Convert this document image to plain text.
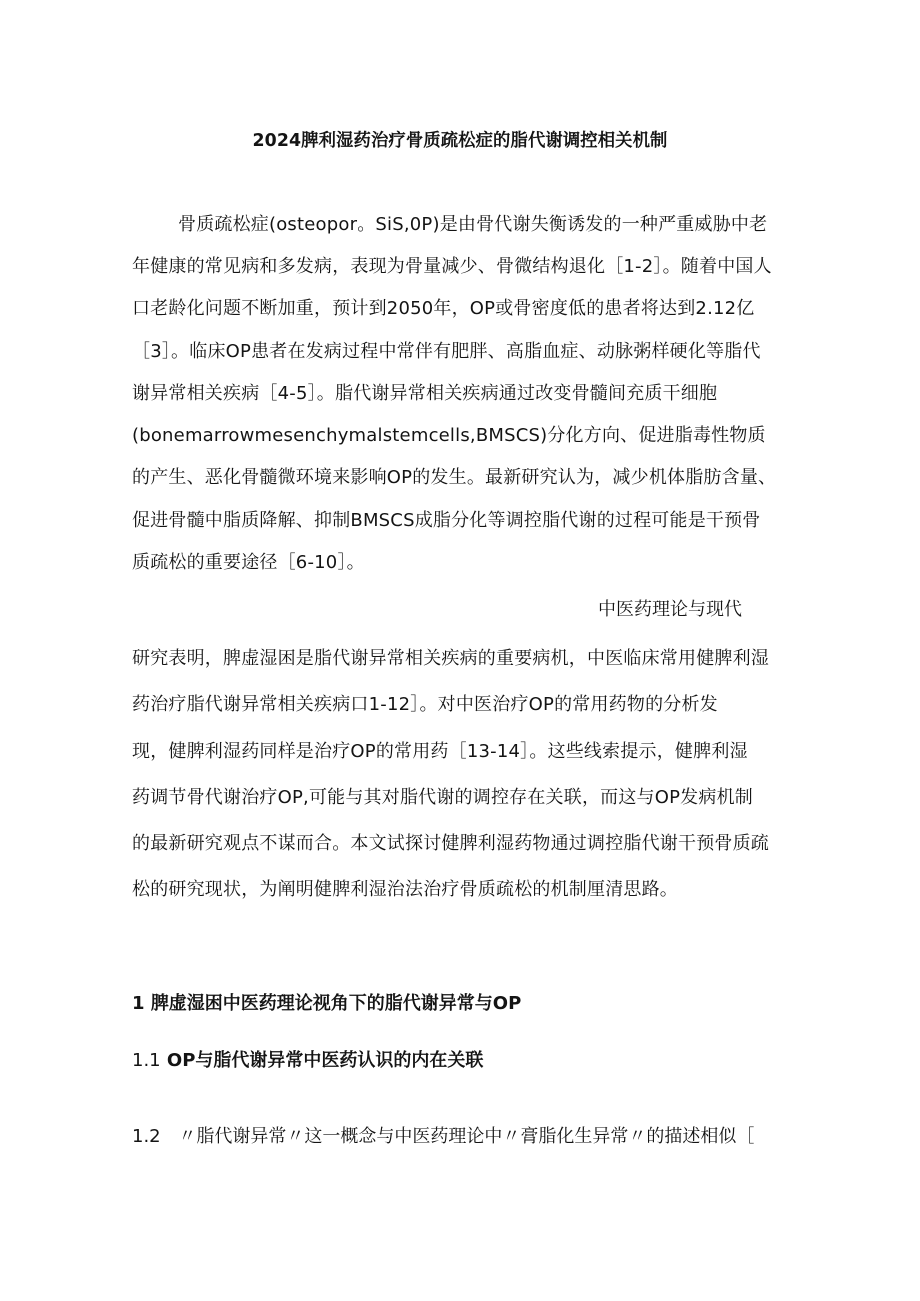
2024脾利湿药治疗骨质疏松症的脂代谢调控相关机制
骨质疏松症(osteopor。SiS,0P)是由骨代谢失衡诱发的一种严重威胁中老
年健康的常见病和多发病，表现为骨量减少、骨微结构退化［1-2］。随着中国人
口老龄化问题不断加重，预计到2050年，OP或骨密度低的患者将达到2.12亿
［3］。临床OP患者在发病过程中常伴有肥胖、高脂血症、动脉粥样硬化等脂代
谢异常相关疾病［4-5］。脂代谢异常相关疾病通过改变骨髓间充质干细胞
(bonemarrowmesenchymalstemcells,BMSCS)分化方向、促进脂毒性物质
的产生、恶化骨髓微环境来影响OP的发生。最新研究认为，减少机体脂肪含量、
促进骨髓中脂质降解、抑制BMSCS成脂分化等调控脂代谢的过程可能是干预骨
质疏松的重要途径［6-10］。
中医药理论与现代
研究表明，脾虚湿困是脂代谢异常相关疾病的重要病机，中医临床常用健脾利湿
药治疗脂代谢异常相关疾病口1-12］。对中医治疗OP的常用药物的分析发
现，健脾利湿药同样是治疗OP的常用药［13-14］。这些线索提示，健脾利湿
药调节骨代谢治疗OP,可能与其对脂代谢的调控存在关联，而这与OP发病机制
的最新研究观点不谋而合。本文试探讨健脾利湿药物通过调控脂代谢干预骨质疏
松的研究现状，为阐明健脾利湿治法治疗骨质疏松的机制厘清思路。
1 脾虚湿困中医药理论视角下的脂代谢异常与OP
1.1 OP与脂代谢异常中医药认识的内在关联
1.2 〃脂代谢异常〃这一概念与中医药理论中〃膏脂化生异常〃的描述相似［
